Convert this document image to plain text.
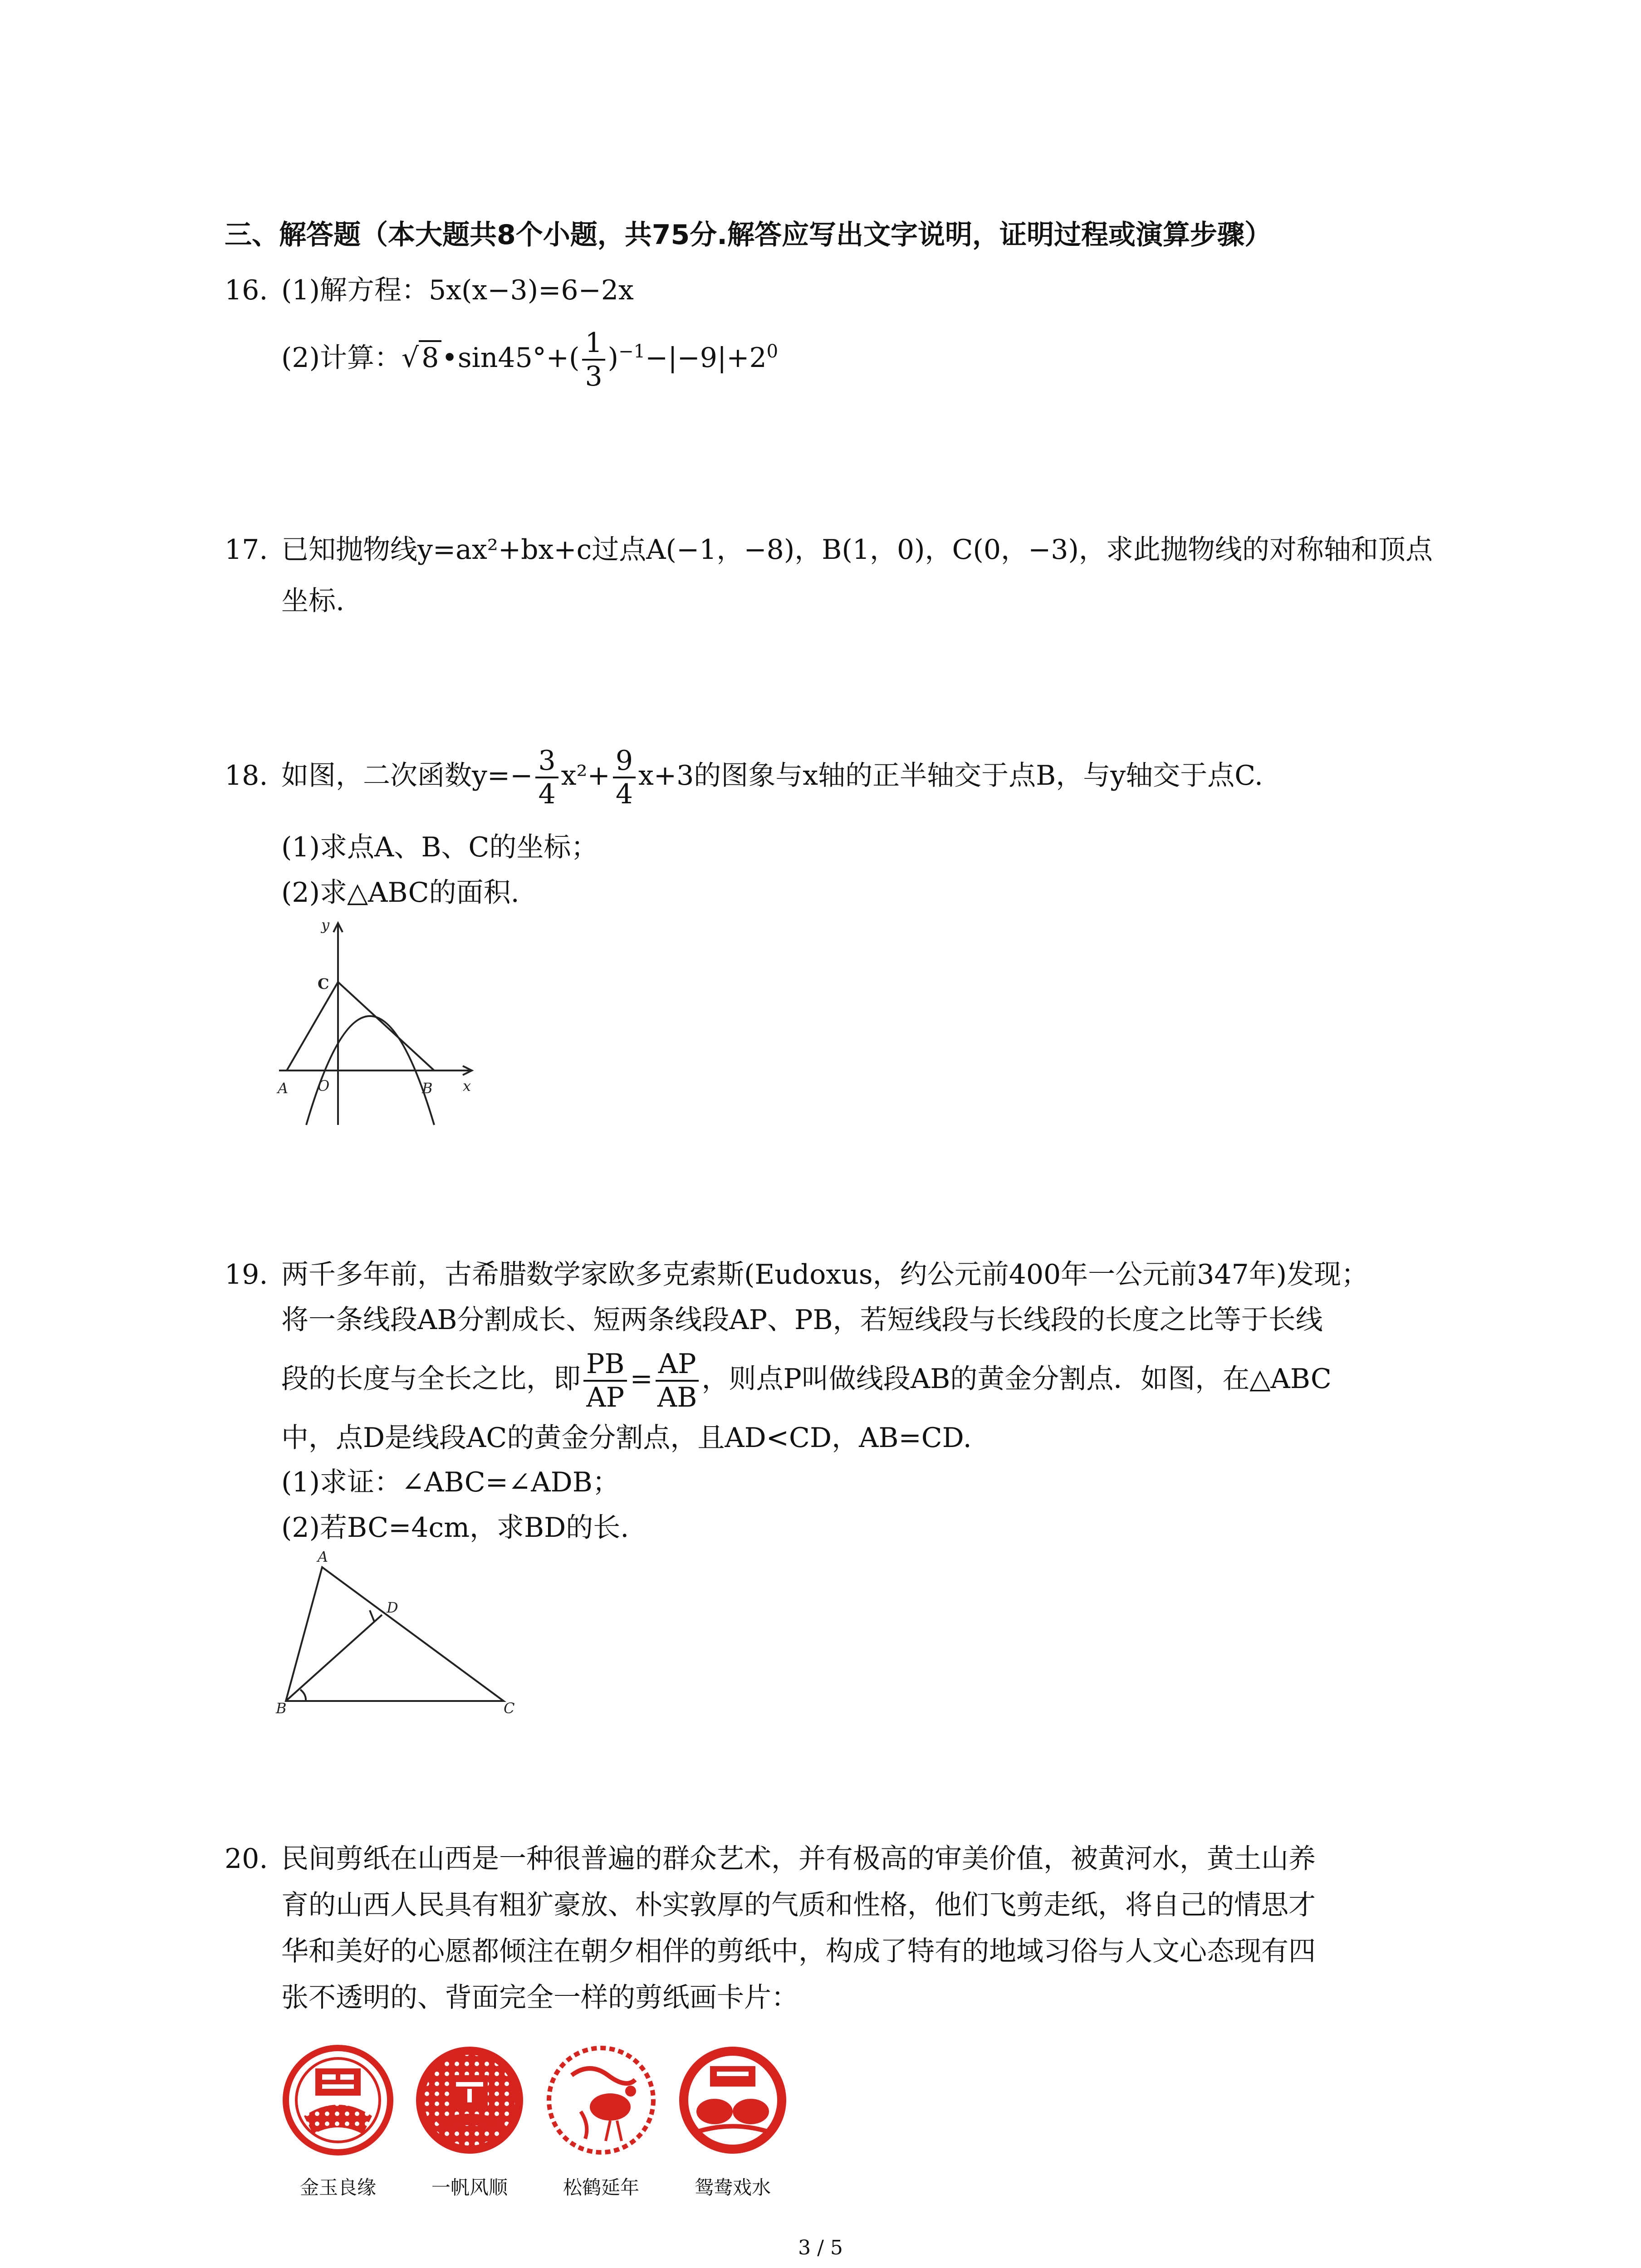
三、解答题（本大题共8个小题，共75分.解答应写出文字说明，证明过程或演算步骤）
16. (1)解方程：5x(x−3)=6−2x
(2)计算：√ 8 •sin45°+( $\frac{1}{3} )^{-1}-|-9|+2^0$
17. 已知抛物线y=ax²+bx+c过点A(−1，−8)，B(1，0)，C(0，−3)，求此抛物线的对称轴和顶点
坐标.
18. 如图，二次函数$y=- \frac{3}{4} x^2+ \frac{9}{4} x+3$的图象与x轴的正半轴交于点B，与y轴交于点C.
(1)求点A、B、C的坐标；
(2)求△ABC的面积.
y
x
C
O
A	B
19. 两千多年前，古希腊数学家欧多克索斯(Eudoxus，约公元前400年一公元前347年)发现；
将一条线段AB分割成长、短两条线段AP、PB，若短线段与长线段的长度之比等于长线
段的长度与全长之比，即 $\frac{PB}{AP} = \frac{AP}{AB}$ ，则点P叫做线段AB的黄金分割点．如图，在△ABC
中，点D是线段AC的黄金分割点，且AD<CD，AB=CD.
(1)求证：∠ABC=∠ADB；
(2)若BC=4cm，求BD的长.
A
D
B	C
20. 民间剪纸在山西是一种很普遍的群众艺术，并有极高的审美价值，被黄河水，黄土山养
育的山西人民具有粗犷豪放、朴实敦厚的气质和性格，他们飞剪走纸，将自己的情思才
华和美好的心愿都倾注在朝夕相伴的剪纸中，构成了特有的地域习俗与人文心态现有四
张不透明的、背面完全一样的剪纸画卡片：
金玉良缘	一帆风顺	松鹤延年	鸳鸯戏水
3 / 5
